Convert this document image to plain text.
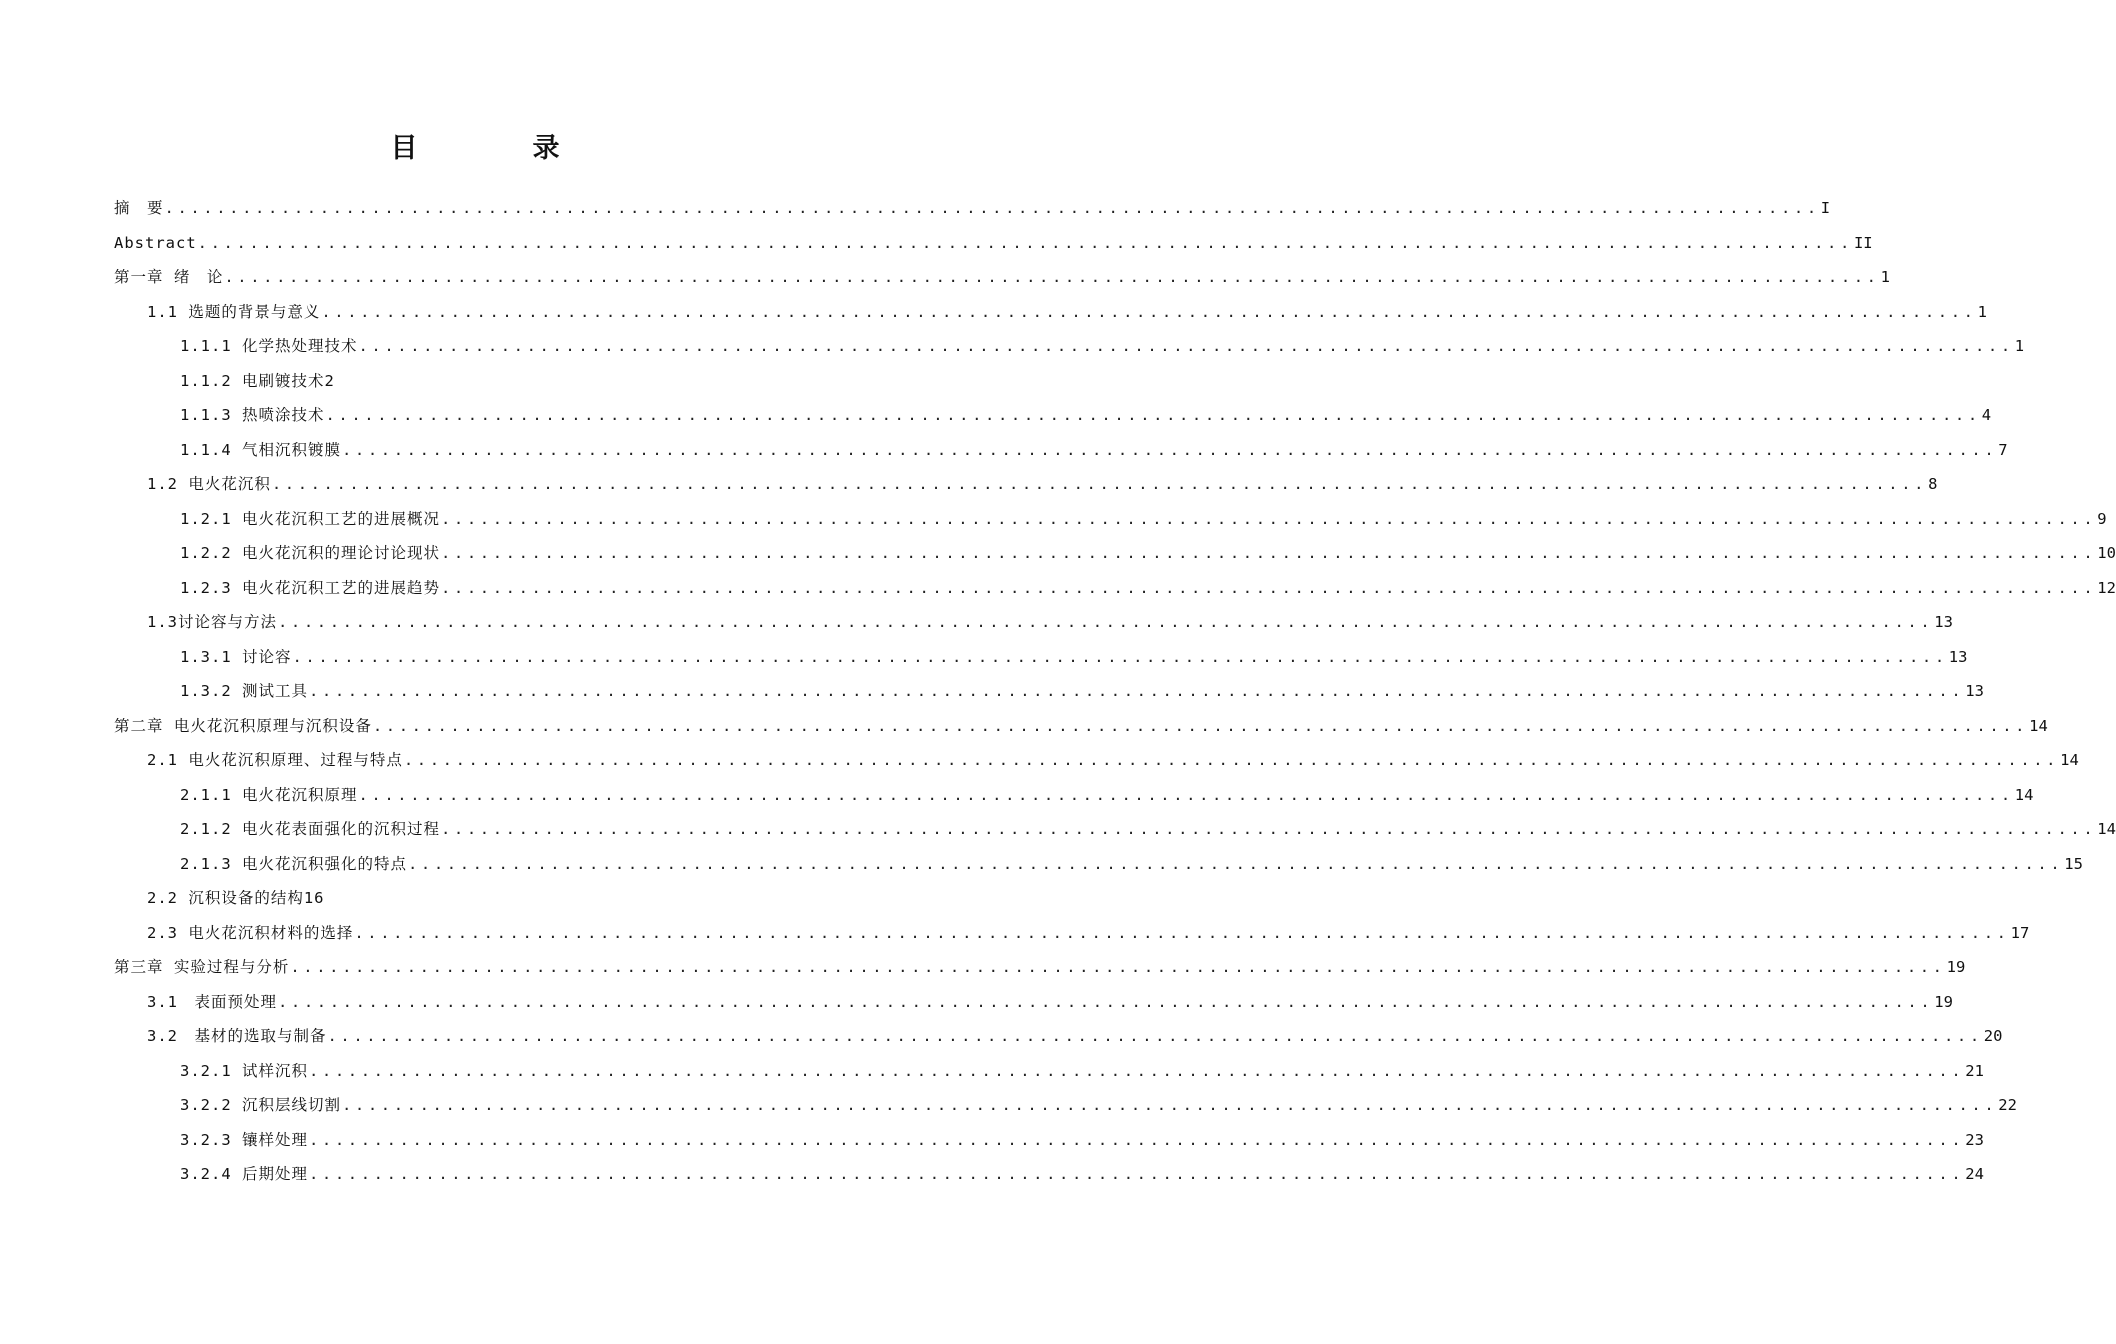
目　录
摘　要 ................................................................................................................................ I
Abstract ................................................................................................................................ II
第一章 绪　论 ................................................................................................................................ 1
1.1 选题的背景与意义 ................................................................................................................................ 1
1.1.1 化学热处理技术 ................................................................................................................................ 1
1.1.2 电刷镀技术2
1.1.3 热喷涂技术 ................................................................................................................................ 4
1.1.4 气相沉积镀膜 ................................................................................................................................ 7
1.2 电火花沉积 ................................................................................................................................ 8
1.2.1 电火花沉积工艺的进展概况 ................................................................................................................................ 9
1.2.2 电火花沉积的理论讨论现状 ................................................................................................................................ 10
1.2.3 电火花沉积工艺的进展趋势 ................................................................................................................................ 12
1.3讨论容与方法 ................................................................................................................................ 13
1.3.1 讨论容 ................................................................................................................................ 13
1.3.2 测试工具 ................................................................................................................................ 13
第二章 电火花沉积原理与沉积设备 ................................................................................................................................ 14
2.1 电火花沉积原理、过程与特点 ................................................................................................................................ 14
2.1.1 电火花沉积原理 ................................................................................................................................ 14
2.1.2 电火花表面强化的沉积过程 ................................................................................................................................ 14
2.1.3 电火花沉积强化的特点 ................................................................................................................................ 15
2.2 沉积设备的结构16
2.3 电火花沉积材料的选择 ................................................................................................................................ 17
第三章 实验过程与分析 ................................................................................................................................ 19
3.1　表面预处理 ................................................................................................................................ 19
3.2　基材的选取与制备 ................................................................................................................................ 20
3.2.1 试样沉积 ................................................................................................................................ 21
3.2.2 沉积层线切割 ................................................................................................................................ 22
3.2.3 镶样处理 ................................................................................................................................ 23
3.2.4 后期处理 ................................................................................................................................ 24
